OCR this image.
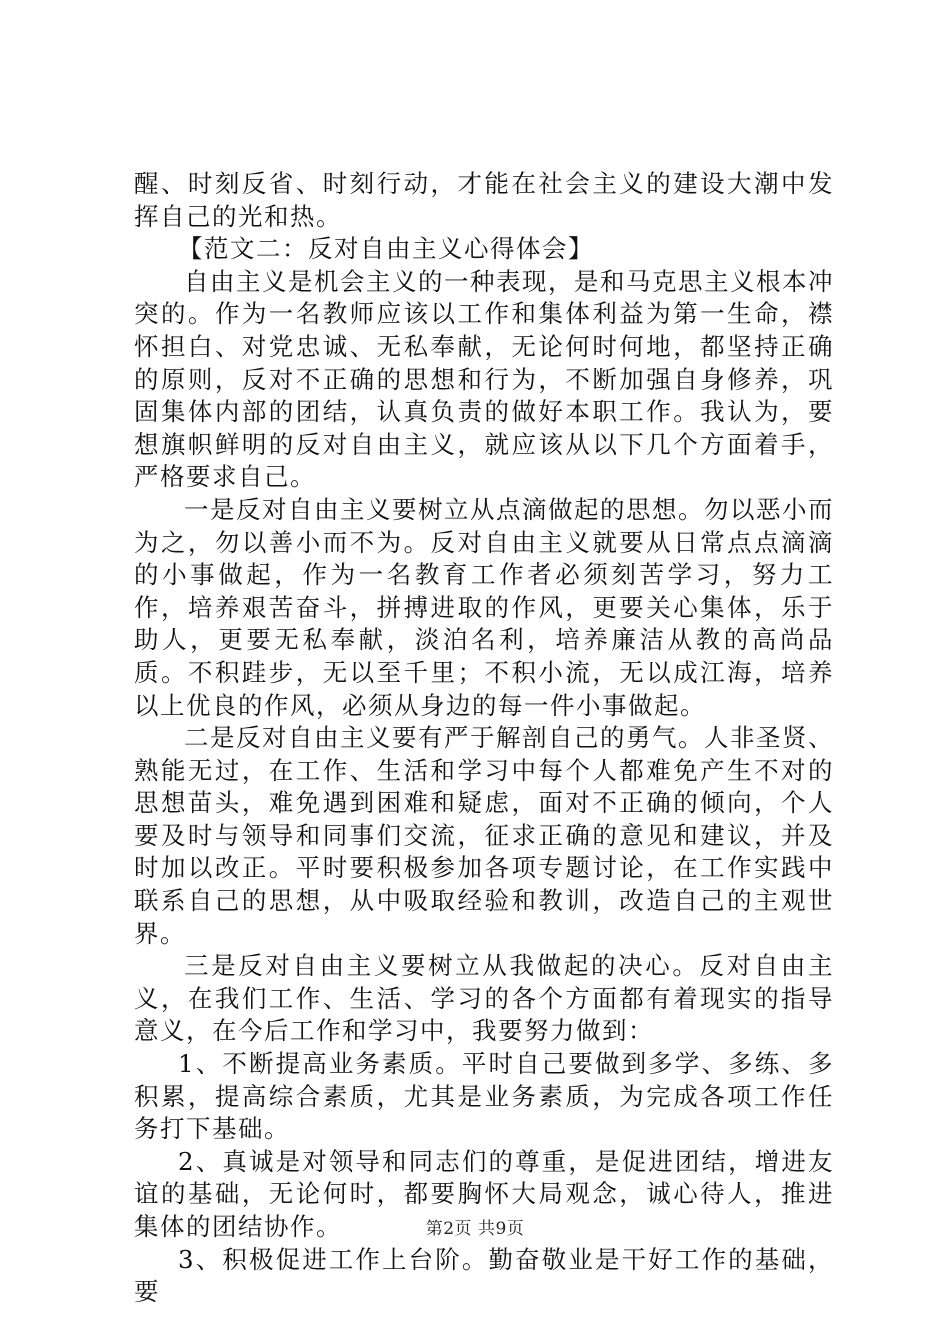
醒、时刻反省、时刻行动，才能在社会主义的建设大潮中发挥自己的光和热。

【范文二：反对自由主义心得体会】

自由主义是机会主义的一种表现，是和马克思主义根本冲突的。作为一名教师应该以工作和集体利益为第一生命，襟怀担白、对党忠诚、无私奉献，无论何时何地，都坚持正确的原则，反对不正确的思想和行为，不断加强自身修养，巩固集体内部的团结，认真负责的做好本职工作。我认为，要想旗帜鲜明的反对自由主义，就应该从以下几个方面着手，严格要求自己。

一是反对自由主义要树立从点滴做起的思想。勿以恶小而为之，勿以善小而不为。反对自由主义就要从日常点点滴滴的小事做起，作为一名教育工作者必须刻苦学习，努力工作，培养艰苦奋斗，拼搏进取的作风，更要关心集体，乐于助人，更要无私奉献，淡泊名利，培养廉洁从教的高尚品质。不积跬步，无以至千里；不积小流，无以成江海，培养以上优良的作风，必须从身边的每一件小事做起。

二是反对自由主义要有严于解剖自己的勇气。人非圣贤、熟能无过，在工作、生活和学习中每个人都难免产生不对的思想苗头，难免遇到困难和疑虑，面对不正确的倾向，个人要及时与领导和同事们交流，征求正确的意见和建议，并及时加以改正。平时要积极参加各项专题讨论，在工作实践中联系自己的思想，从中吸取经验和教训，改造自己的主观世界。

三是反对自由主义要树立从我做起的决心。反对自由主义，在我们工作、生活、学习的各个方面都有着现实的指导意义，在今后工作和学习中，我要努力做到：

1、不断提高业务素质。平时自己要做到多学、多练、多积累，提高综合素质，尤其是业务素质，为完成各项工作任务打下基础。

2、真诚是对领导和同志们的尊重，是促进团结，增进友谊的基础，无论何时，都要胸怀大局观念，诚心待人，推进集体的团结协作。

3、积极促进工作上台阶。勤奋敬业是干好工作的基础，要

第2页 共9页
